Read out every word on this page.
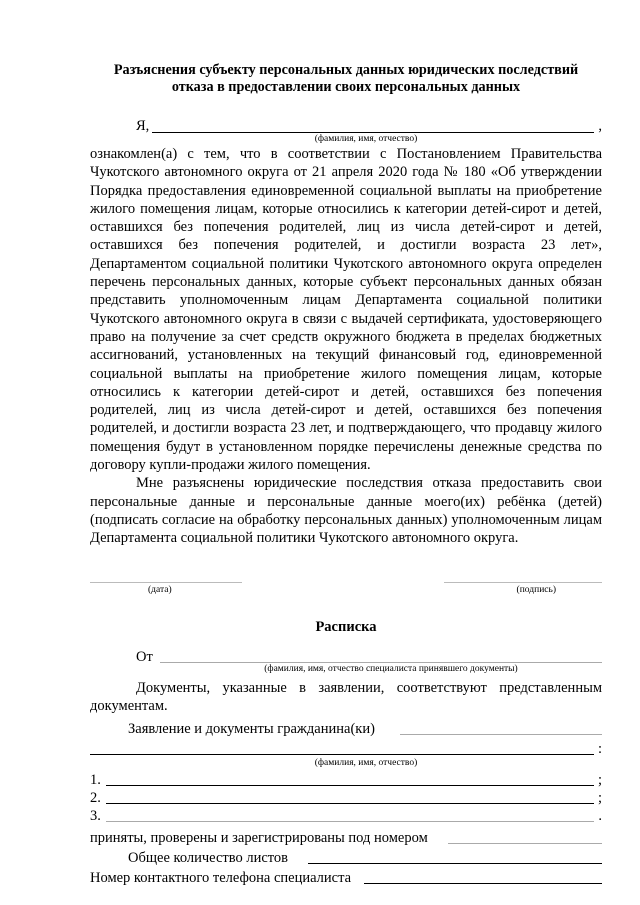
Разъяснения субъекту персональных данных юридических последствий
отказа в предоставлении своих персональных данных
Я,	,
(фамилия, имя, отчество)

ознакомлен(а) с тем, что в соответствии с Постановлением Правительства Чукотского автономного округа от 21 апреля 2020 года № 180 «Об утверждении Порядка предоставления единовременной социальной выплаты на приобретение жилого помещения лицам, которые относились к категории детей-сирот и детей, оставшихся без попечения родителей, лиц из числа детей-сирот и детей, оставшихся без попечения родителей, и достигли возраста 23 лет», Департаментом социальной политики Чукотского автономного округа определен перечень персональных данных, которые субъект персональных данных обязан представить уполномоченным лицам Департамента социальной политики Чукотского автономного округа в связи с выдачей сертификата, удостоверяющего право на получение за счет средств окружного бюджета в пределах бюджетных ассигнований, установленных на текущий финансовый год, единовременной социальной выплаты на приобретение жилого помещения лицам, которые относились к категории детей-сирот и детей, оставшихся без попечения родителей, лиц из числа детей-сирот и детей, оставшихся без попечения родителей, и достигли возраста 23 лет, и подтверждающего, что продавцу жилого помещения будут в установленном порядке перечислены денежные средства по договору купли-продажи жилого помещения.

Мне разъяснены юридические последствия отказа предоставить свои персональные данные и персональные данные моего(их) ребёнка (детей) (подписать согласие на обработку персональных данных) уполномоченным лицам Департамента социальной политики Чукотского автономного округа.

(дата)	(подпись)
Расписка
От
(фамилия, имя, отчество специалиста принявшего документы)

Документы, указанные в заявлении, соответствуют представленным документам.

Заявление и документы гражданина(ки)
:
(фамилия, имя, отчество)
1.	;
2.	;
3.	.
приняты, проверены и зарегистрированы под номером
Общее количество листов
Номер контактного телефона специалиста
